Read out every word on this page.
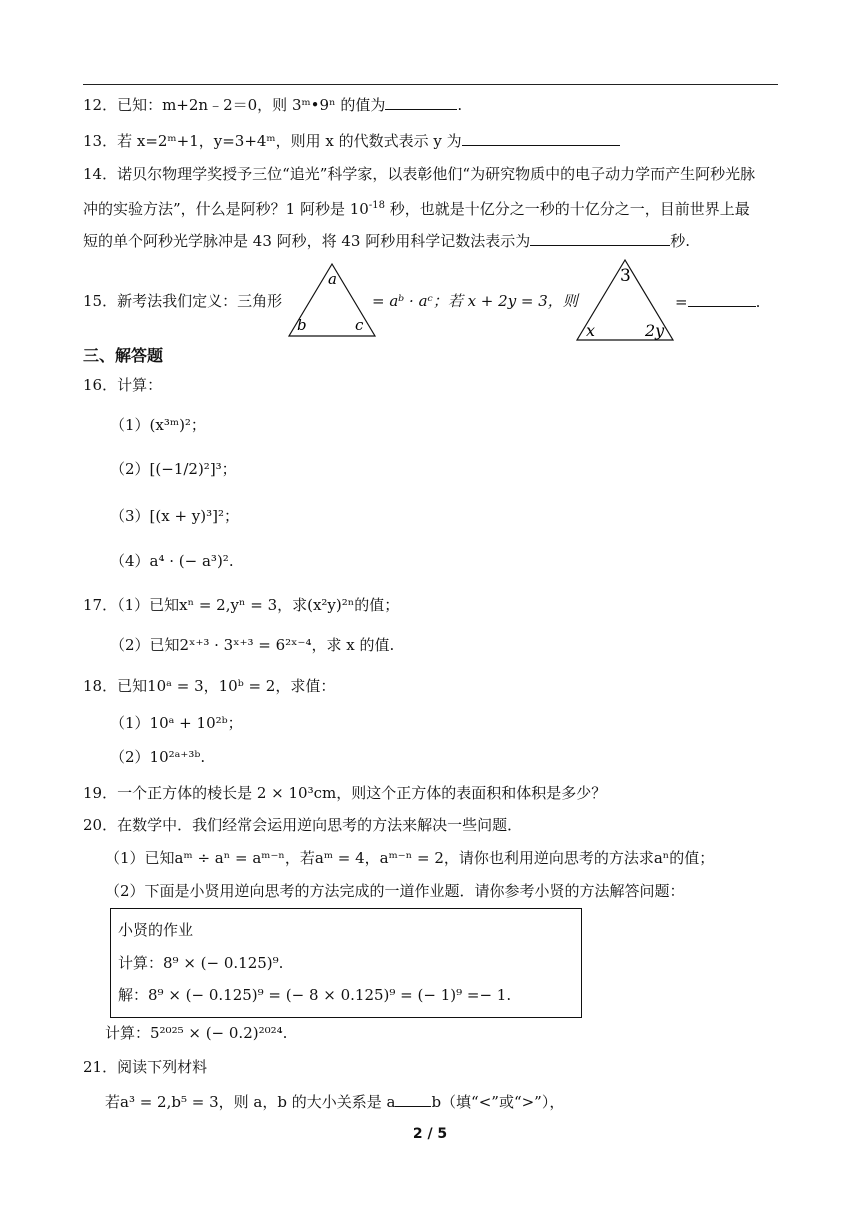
12．已知：m+2n﹣2＝0，则 3ᵐ•9ⁿ 的值为	.
13．若 x=2ᵐ+1，y=3+4ᵐ，则用 x 的代数式表示 y 为
14．诺贝尔物理学奖授予三位“追光”科学家，以表彰他们“为研究物质中的电子动力学而产生阿秒光脉
冲的实验方法”，什么是阿秒？1 阿秒是 $10^{-18}$ 秒，也就是十亿分之一秒的十亿分之一，目前世界上最
短的单个阿秒光学脉冲是 43 阿秒，将 43 阿秒用科学记数法表示为	秒.
15．新考法我们定义：三角形
a
b	c
= aᵇ · aᶜ；若 x + 2y = 3，则
3
x	2y
=	.
三、解答题
16．计算：
（1）(x³ᵐ)²；
（2）[(−1/2)²]³；
（3）[(x + y)³]²；
（4）a⁴ · (− a³)².
17．（1）已知xⁿ = 2,yⁿ = 3，求(x²y)²ⁿ的值；
（2）已知2ˣ⁺³ · 3ˣ⁺³ = 6²ˣ⁻⁴，求 x 的值.
18．已知10ᵃ = 3，10ᵇ = 2，求值：
（1）10ᵃ + 10²ᵇ；
（2）10²ᵃ⁺³ᵇ.
19．一个正方体的棱长是 2 × 10³cm，则这个正方体的表面积和体积是多少？
20．在数学中．我们经常会运用逆向思考的方法来解决一些问题．
（1）已知aᵐ ÷ aⁿ = aᵐ⁻ⁿ，若aᵐ = 4，aᵐ⁻ⁿ = 2，请你也利用逆向思考的方法求aⁿ的值；
（2）下面是小贤用逆向思考的方法完成的一道作业题．请你参考小贤的方法解答问题：
小贤的作业
计算：8⁹ × (− 0.125)⁹.
解：8⁹ × (− 0.125)⁹ = (− 8 × 0.125)⁹ = (− 1)⁹ =− 1.
计算：5²⁰²⁵ × (− 0.2)²⁰²⁴.
21．阅读下列材料
若a³ = 2,b⁵ = 3，则 a，b 的大小关系是 a b（填“<”或“>”），
2 / 5
